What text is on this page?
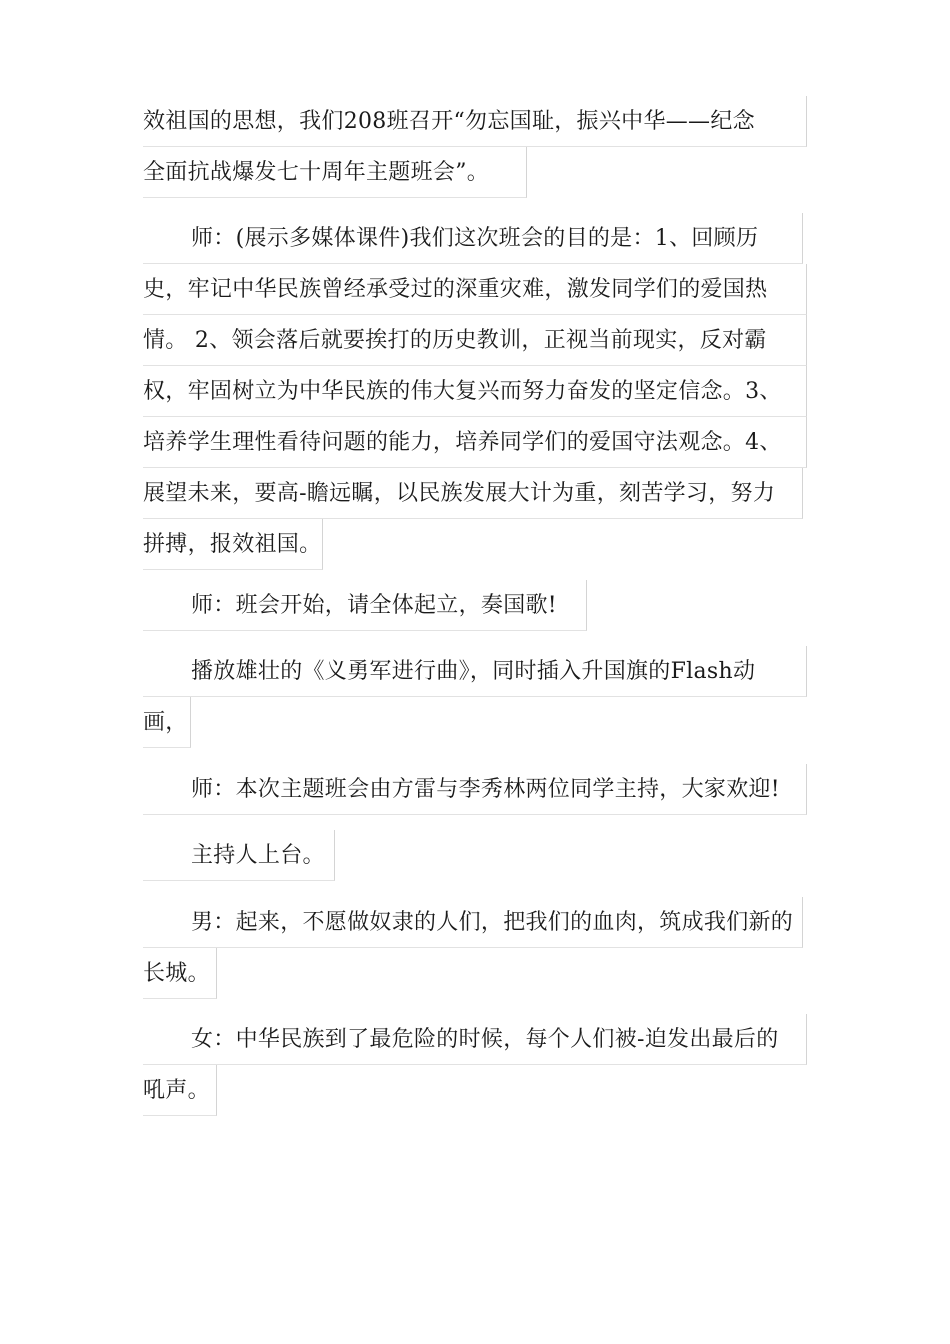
效祖国的思想，我们208班召开“勿忘国耻，振兴中华——纪念
全面抗战爆发七十周年主题班会”。
师：(展示多媒体课件)我们这次班会的目的是：1、回顾历
史，牢记中华民族曾经承受过的深重灾难，激发同学们的爱国热
情。 2、领会落后就要挨打的历史教训，正视当前现实，反对霸
权，牢固树立为中华民族的伟大复兴而努力奋发的坚定信念。3、
培养学生理性看待问题的能力，培养同学们的爱国守法观念。4、
展望未来，要高-瞻远瞩，以民族发展大计为重，刻苦学习，努力
拼搏，报效祖国。
师：班会开始，请全体起立，奏国歌!
播放雄壮的《义勇军进行曲》，同时插入升国旗的Flash动
画，
师：本次主题班会由方雷与李秀林两位同学主持，大家欢迎!
主持人上台。
男：起来，不愿做奴隶的人们，把我们的血肉，筑成我们新的
长城。
女：中华民族到了最危险的时候，每个人们被-迫发出最后的
吼声。
